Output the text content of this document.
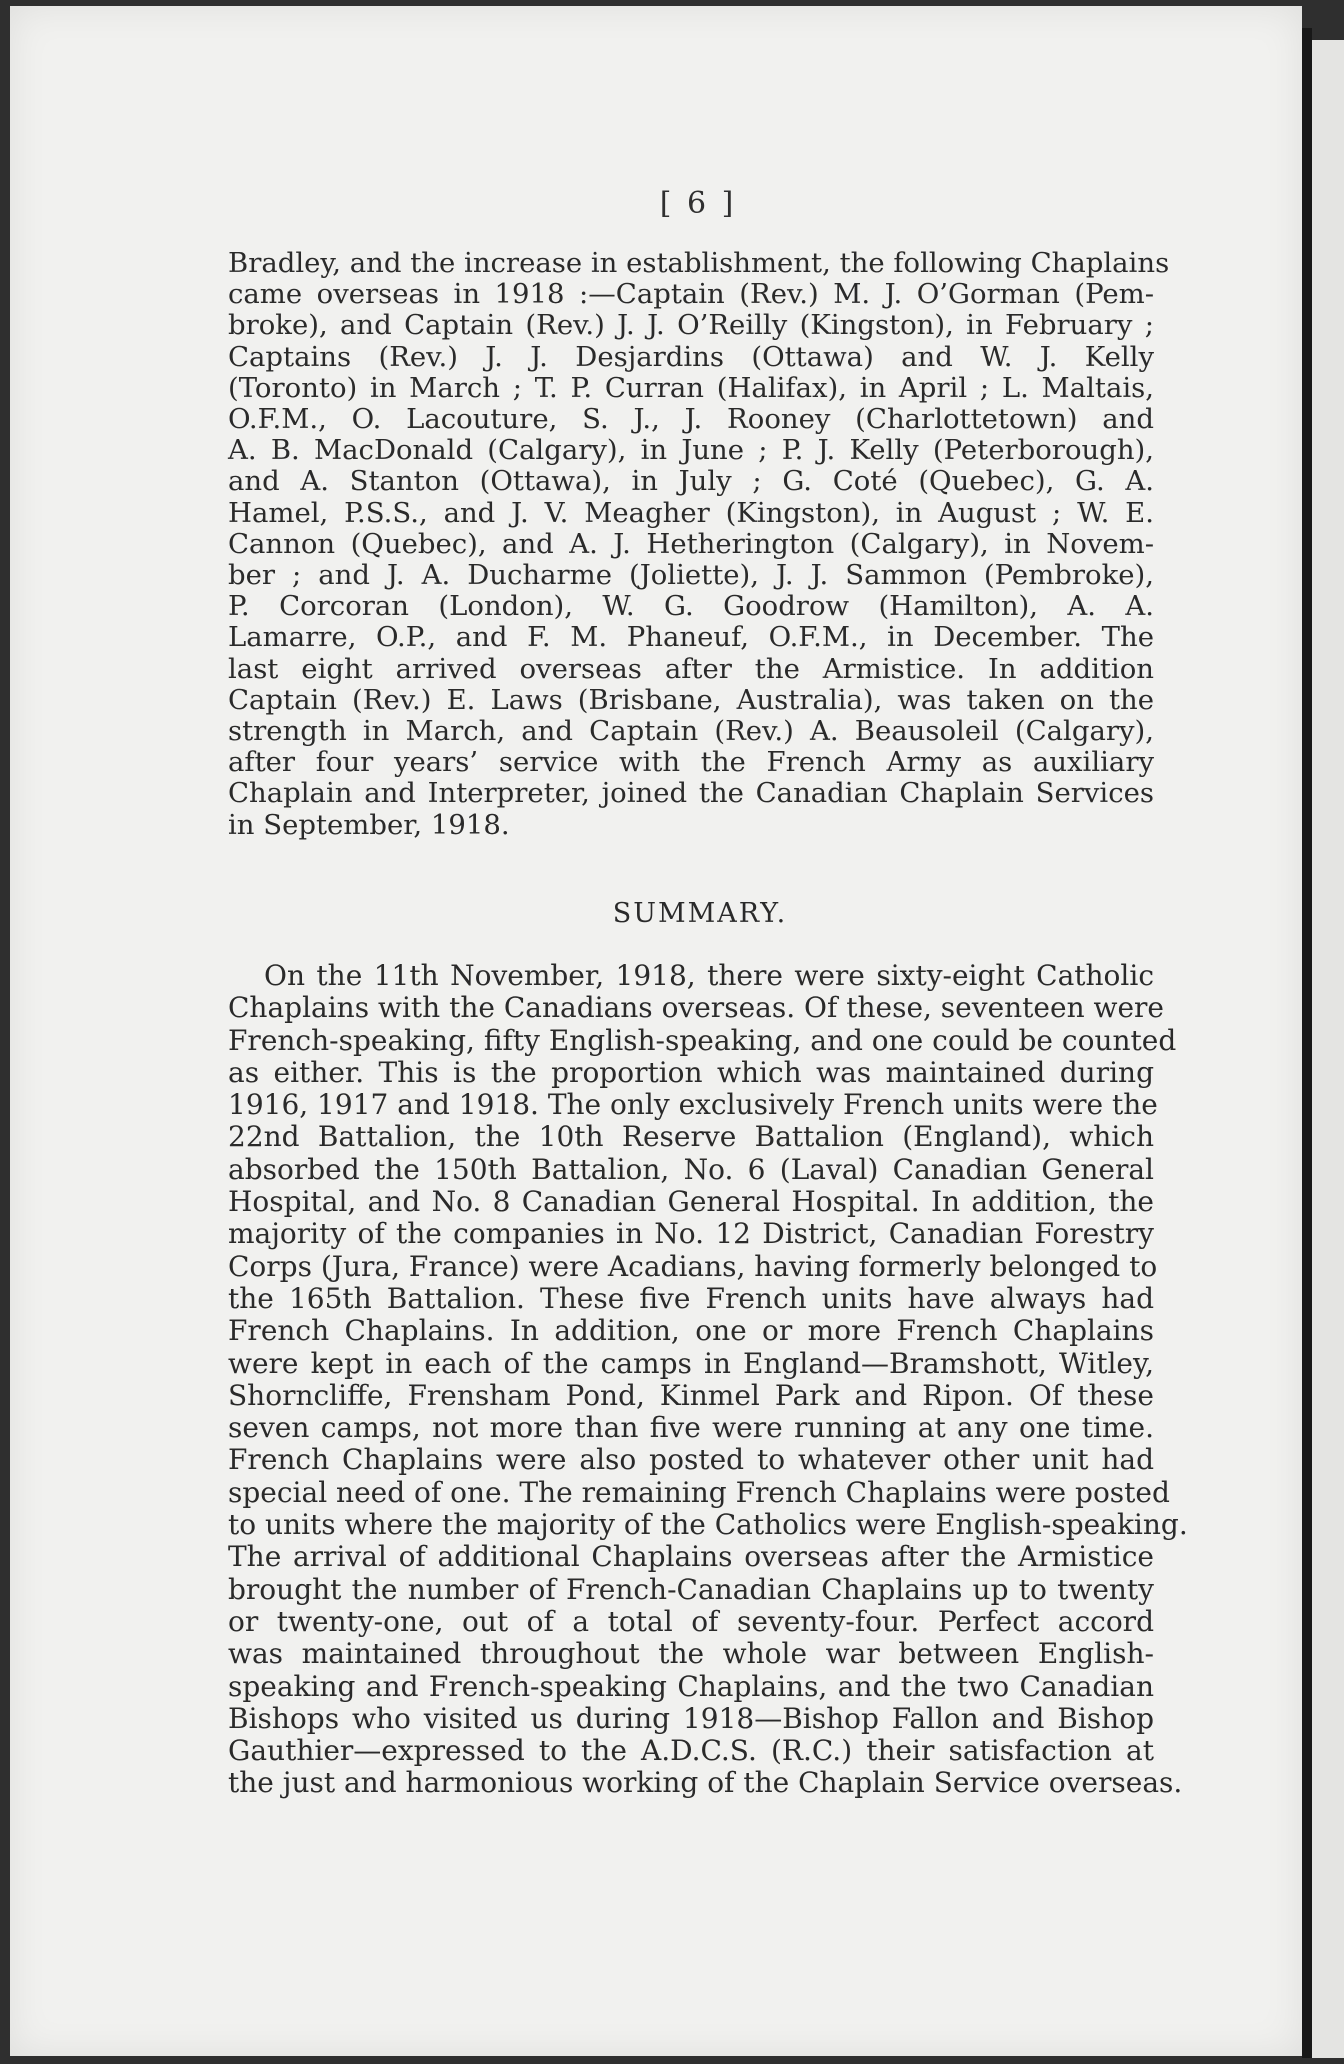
[ 6 ]
Bradley, and the increase in establishment, the following Chaplains
came overseas in 1918 :—Captain (Rev.) M. J. O’Gorman (Pem-
broke), and Captain (Rev.) J. J. O’Reilly (Kingston), in February ;
Captains (Rev.) J. J. Desjardins (Ottawa) and W. J. Kelly
(Toronto) in March ; T. P. Curran (Halifax), in April ; L. Maltais,
O.F.M., O. Lacouture, S. J., J. Rooney (Charlottetown) and
A. B. MacDonald (Calgary), in June ; P. J. Kelly (Peterborough),
and A. Stanton (Ottawa), in July ; G. Coté (Quebec), G. A.
Hamel, P.S.S., and J. V. Meagher (Kingston), in August ; W. E.
Cannon (Quebec), and A. J. Hetherington (Calgary), in Novem-
ber ; and J. A. Ducharme (Joliette), J. J. Sammon (Pembroke),
P. Corcoran (London), W. G. Goodrow (Hamilton), A. A.
Lamarre, O.P., and F. M. Phaneuf, O.F.M., in December. The
last eight arrived overseas after the Armistice. In addition
Captain (Rev.) E. Laws (Brisbane, Australia), was taken on the
strength in March, and Captain (Rev.) A. Beausoleil (Calgary),
after four years’ service with the French Army as auxiliary
Chaplain and Interpreter, joined the Canadian Chaplain Services
in September, 1918.
SUMMARY.
On the 11th November, 1918, there were sixty-eight Catholic
Chaplains with the Canadians overseas. Of these, seventeen were
French-speaking, fifty English-speaking, and one could be counted
as either. This is the proportion which was maintained during
1916, 1917 and 1918. The only exclusively French units were the
22nd Battalion, the 10th Reserve Battalion (England), which
absorbed the 150th Battalion, No. 6 (Laval) Canadian General
Hospital, and No. 8 Canadian General Hospital. In addition, the
majority of the companies in No. 12 District, Canadian Forestry
Corps (Jura, France) were Acadians, having formerly belonged to
the 165th Battalion. These five French units have always had
French Chaplains. In addition, one or more French Chaplains
were kept in each of the camps in England—Bramshott, Witley,
Shorncliffe, Frensham Pond, Kinmel Park and Ripon. Of these
seven camps, not more than five were running at any one time.
French Chaplains were also posted to whatever other unit had
special need of one. The remaining French Chaplains were posted
to units where the majority of the Catholics were English-speaking.
The arrival of additional Chaplains overseas after the Armistice
brought the number of French-Canadian Chaplains up to twenty
or twenty-one, out of a total of seventy-four. Perfect accord
was maintained throughout the whole war between English-
speaking and French-speaking Chaplains, and the two Canadian
Bishops who visited us during 1918—Bishop Fallon and Bishop
Gauthier—expressed to the A.D.C.S. (R.C.) their satisfaction at
the just and harmonious working of the Chaplain Service overseas.
